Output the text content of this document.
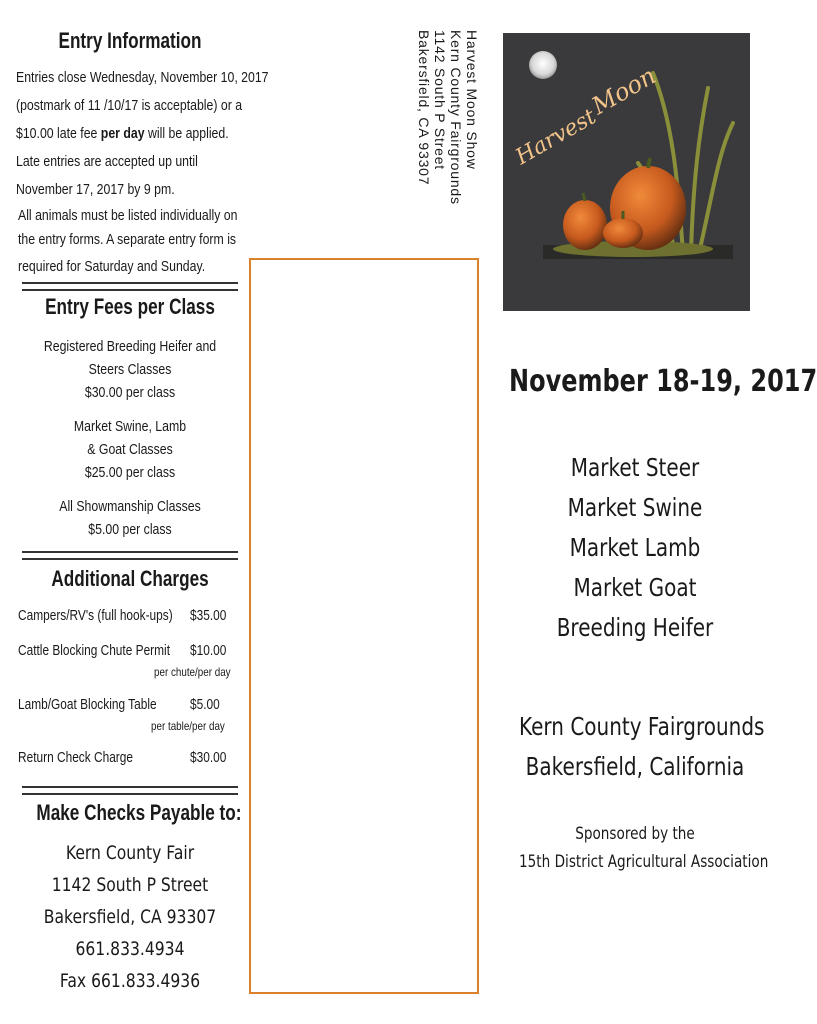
Entry Information
Entries close Wednesday, November 10, 2017
(postmark of 11 /10/17 is acceptable) or a
$10.00 late fee per day will be applied.
Late entries are accepted up until
November 17, 2017 by 9 pm.
All animals must be listed individually on
the entry forms. A separate entry form is
required for Saturday and Sunday.
Entry Fees per Class
Registered Breeding Heifer and
Steers Classes
$30.00 per class
Market Swine, Lamb
& Goat Classes
$25.00 per class
All Showmanship Classes
$5.00 per class
Additional Charges
Campers/RV's (full hook-ups) $35.00
Cattle Blocking Chute Permit $10.00
per chute/per day
Lamb/Goat Blocking Table $5.00
per table/per day
Return Check Charge	$30.00
Make Checks Payable to:
Kern County Fair
1142 South P Street
Bakersfield, CA 93307
661.833.4934
Fax 661.833.4936
Harvest Moon Show
Kern County Fairgrounds
1142 South P Street
Bakersfield, CA 93307	Harvest
Moon
November 18-19, 2017
Market Steer
Market Swine
Market Lamb
Market Goat
Breeding Heifer
Kern County Fairgrounds
Bakersfield, California
Sponsored by the
15th District Agricultural Association
